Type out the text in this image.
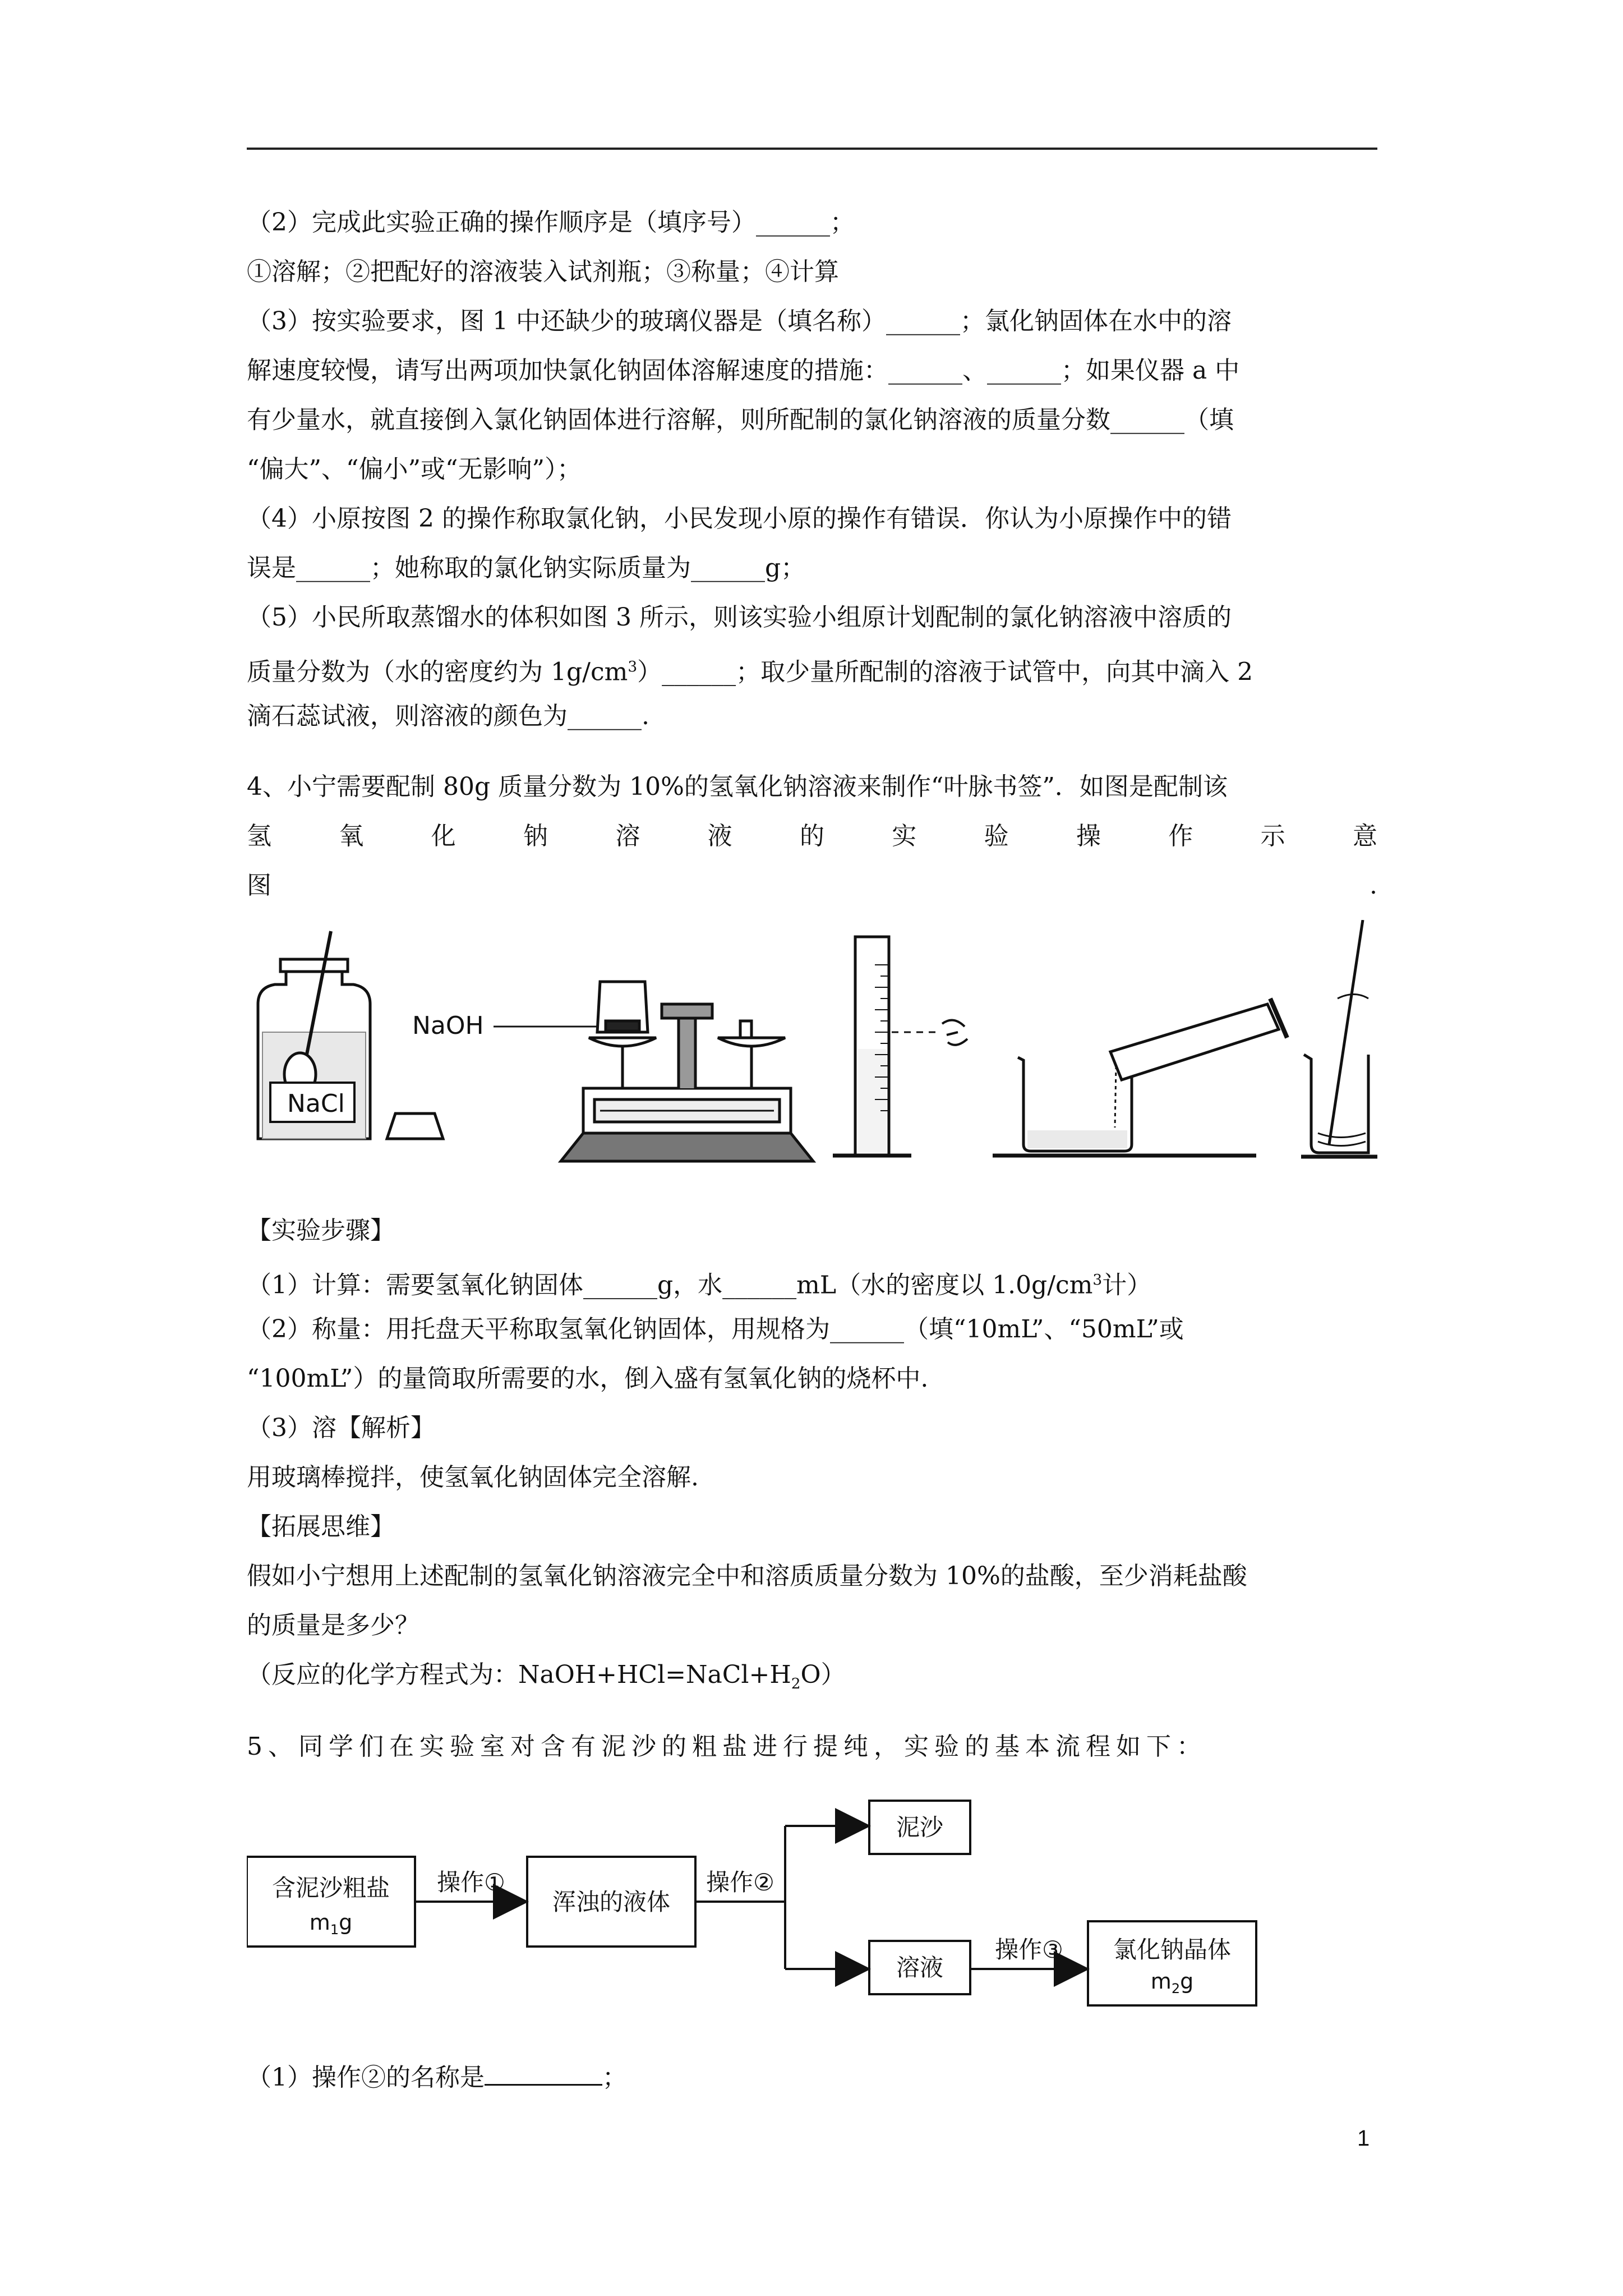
（2）完成此实验正确的操作顺序是（填序号）______；

①溶解；②把配好的溶液装入试剂瓶；③称量；④计算

（3）按实验要求，图 1 中还缺少的玻璃仪器是（填名称）______；氯化钠固体在水中的溶

解速度较慢，请写出两项加快氯化钠固体溶解速度的措施：______、______；如果仪器 a 中

有少量水，就直接倒入氯化钠固体进行溶解，则所配制的氯化钠溶液的质量分数______（填

“偏大”、“偏小”或“无影响”）；

（4）小原按图 2 的操作称取氯化钠，小民发现小原的操作有错误．你认为小原操作中的错

误是______；她称取的氯化钠实际质量为______g；

（5）小民所取蒸馏水的体积如图 3 所示，则该实验小组原计划配制的氯化钠溶液中溶质的

质量分数为（水的密度约为 $1g/cm^3)\_\_\_\_\_\_$；取少量所配制的溶液于试管中，向其中滴入 2

滴石蕊试液，则溶液的颜色为______.

4、小宁需要配制 80g 质量分数为 10%的氢氧化钠溶液来制作“叶脉书签”．如图是配制该

氢	氧	化	钠	溶	液	的	实	验	操	作	示	意
图	.
NaCl
NaOH

【实验步骤】

（1）计算：需要氢氧化钠固体______g，水______mL（水的密度以 $1.0g/cm^3$计）

（2）称量：用托盘天平称取氢氧化钠固体，用规格为______（填“10mL”、“50mL”或

“100mL”）的量筒取所需要的水，倒入盛有氢氧化钠的烧杯中.

（3）溶【解析】

用玻璃棒搅拌，使氢氧化钠固体完全溶解.

【拓展思维】

假如小宁想用上述配制的氢氧化钠溶液完全中和溶质质量分数为 10%的盐酸，至少消耗盐酸

的质量是多少？

（反应的化学方程式为：$NaOH+HCl=NaCl+H_2O$）

5、同学们在实验室对含有泥沙的粗盐进行提纯，实验的基本流程如下：

含泥沙粗盐
$m_1g$
操作①
浑浊的液体
操作②
泥沙
溶液
操作③ 氯化钠晶体
$m_2g$

（1）操作②的名称是	；

1
